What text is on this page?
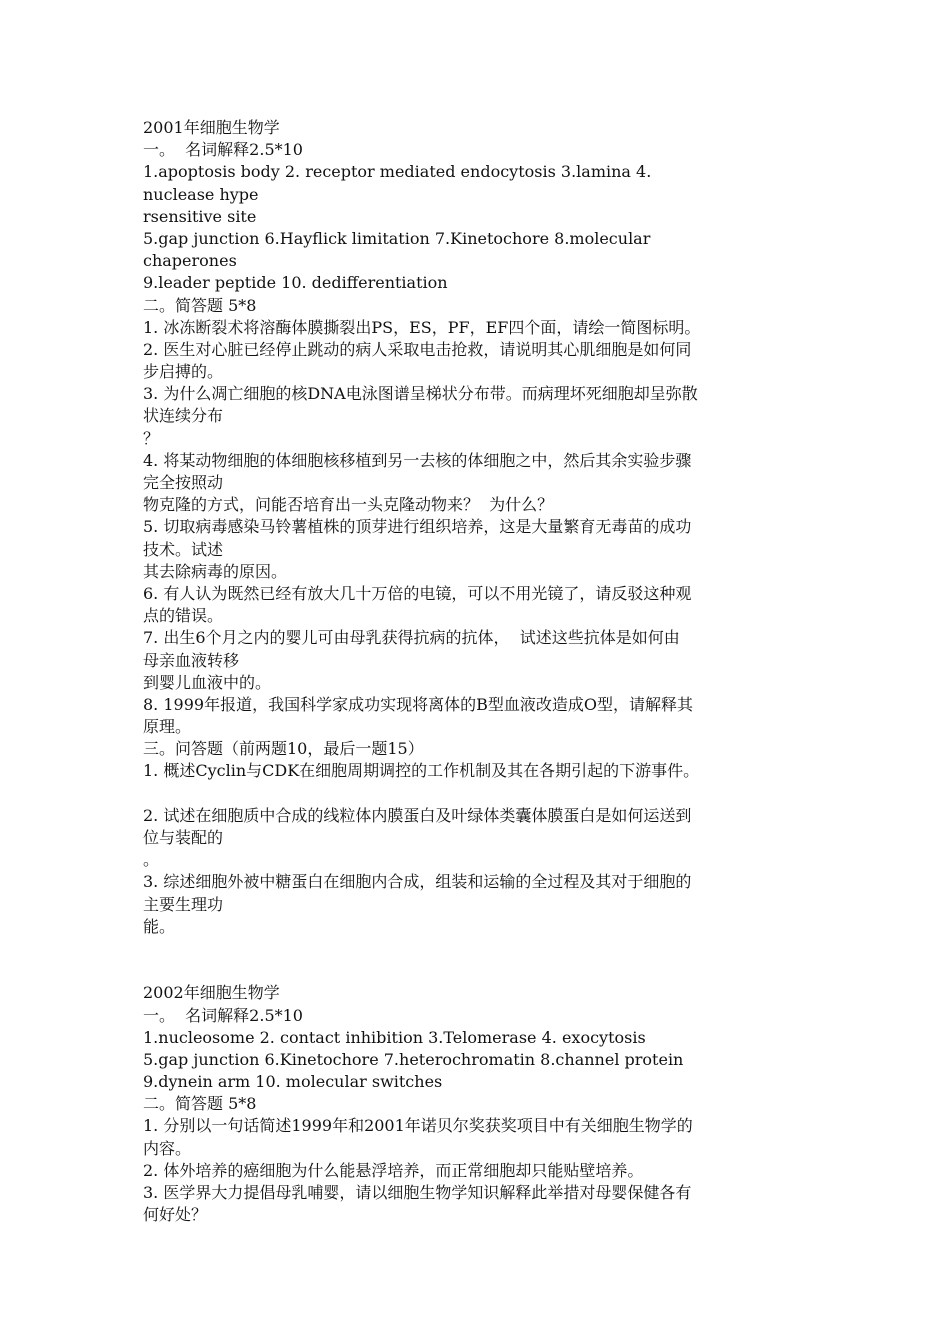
2001年细胞生物学
一。  名词解释2.5*10
1.apoptosis body 2. receptor mediated endocytosis 3.lamina 4.
nuclease hype
rsensitive site
5.gap junction 6.Hayflick limitation 7.Kinetochore 8.molecular
chaperones
9.leader peptide 10. dedifferentiation
二。简答题 5*8
1. 冰冻断裂术将溶酶体膜撕裂出PS，ES，PF，EF四个面，请绘一简图标明。
2. 医生对心脏已经停止跳动的病人采取电击抢救，请说明其心肌细胞是如何同
步启搏的。
3. 为什么凋亡细胞的核DNA电泳图谱呈梯状分布带。而病理坏死细胞却呈弥散
状连续分布
？
4. 将某动物细胞的体细胞核移植到另一去核的体细胞之中，然后其余实验步骤
完全按照动
物克隆的方式，问能否培育出一头克隆动物来？  为什么？
5. 切取病毒感染马铃薯植株的顶芽进行组织培养，这是大量繁育无毒苗的成功
技术。试述
其去除病毒的原因。
6. 有人认为既然已经有放大几十万倍的电镜，可以不用光镜了，请反驳这种观
点的错误。
7. 出生6个月之内的婴儿可由母乳获得抗病的抗体，  试述这些抗体是如何由
母亲血液转移
到婴儿血液中的。
8. 1999年报道，我国科学家成功实现将离体的B型血液改造成O型，请解释其
原理。
三。问答题（前两题10，最后一题15）
1. 概述Cyclin与CDK在细胞周期调控的工作机制及其在各期引起的下游事件。
2. 试述在细胞质中合成的线粒体内膜蛋白及叶绿体类囊体膜蛋白是如何运送到
位与装配的
。
3. 综述细胞外被中糖蛋白在细胞内合成，组装和运输的全过程及其对于细胞的
主要生理功
能。
2002年细胞生物学
一。  名词解释2.5*10
1.nucleosome 2. contact inhibition 3.Telomerase 4. exocytosis
5.gap junction 6.Kinetochore 7.heterochromatin 8.channel protein
9.dynein arm 10. molecular switches
二。简答题 5*8
1. 分别以一句话简述1999年和2001年诺贝尔奖获奖项目中有关细胞生物学的
内容。
2. 体外培养的癌细胞为什么能悬浮培养，而正常细胞却只能贴壁培养。
3. 医学界大力提倡母乳哺婴，请以细胞生物学知识解释此举措对母婴保健各有
何好处？
